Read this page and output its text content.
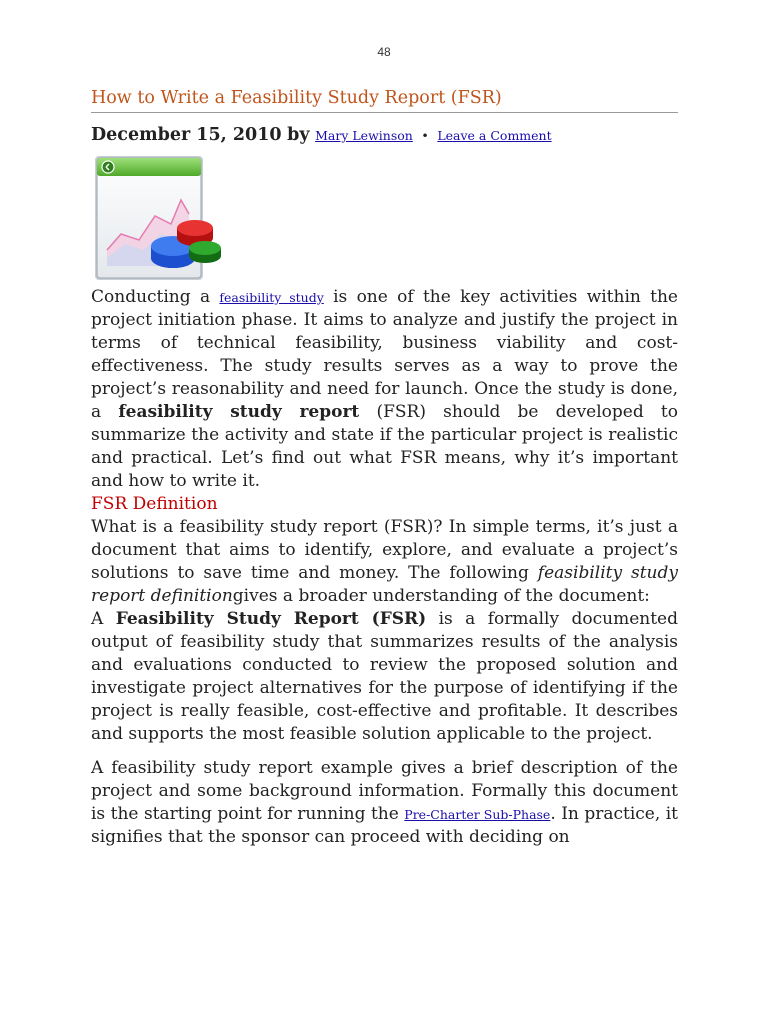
48
How to Write a Feasibility Study Report (FSR)
December 15, 2010 by Mary Lewinson • Leave a Comment

Conducting a feasibility study is one of the key activities within the project initiation phase. It aims to analyze and justify the project in terms of technical feasibility, business viability and cost-effectiveness. The study results serves as a way to prove the project’s reasonability and need for launch. Once the study is done, a feasibility study report (FSR) should be developed to summarize the activity and state if the particular project is realistic and practical. Let’s find out what FSR means, why it’s important and how to write it.

FSR Definition

What is a feasibility study report (FSR)? In simple terms, it’s just a document that aims to identify, explore, and evaluate a project’s solutions to save time and money. The following feasibility study report definitiongives a broader understanding of the document:

A Feasibility Study Report (FSR) is a formally documented output of feasibility study that summarizes results of the analysis and evaluations conducted to review the proposed solution and investigate project alternatives for the purpose of identifying if the project is really feasible, cost-effective and profitable. It describes and supports the most feasible solution applicable to the project.

A feasibility study report example gives a brief description of the project and some background information. Formally this document is the starting point for running the Pre-Charter Sub-Phase. In practice, it signifies that the sponsor can proceed with deciding on
